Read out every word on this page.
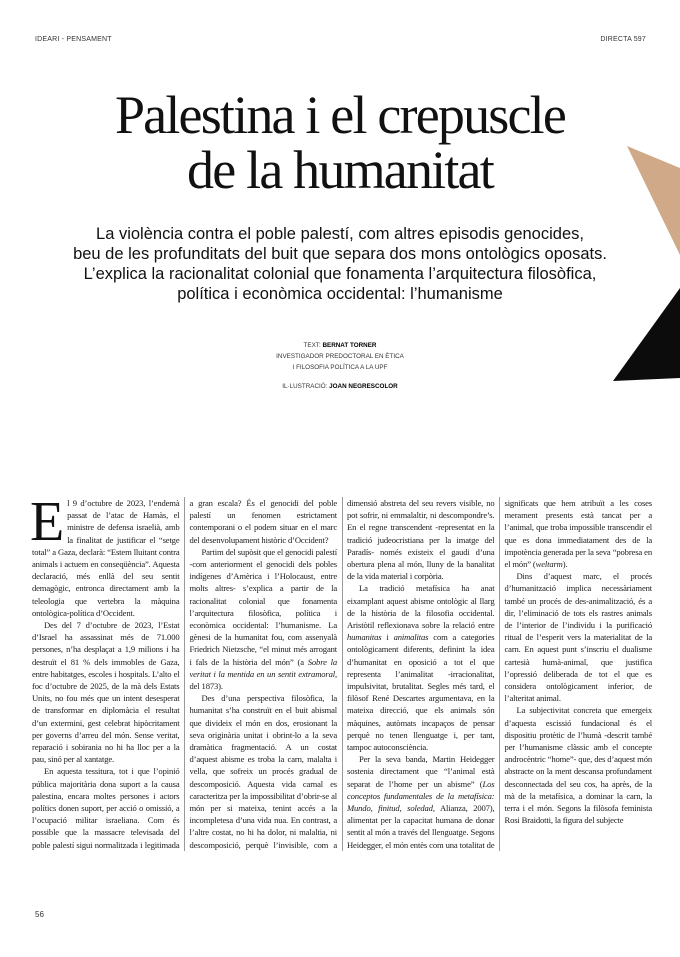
IDEARI - PENSAMENT	DIRECTA 597
Palestina i el crepuscle
de la humanitat
La violència contra el poble palestí, com altres episodis genocides,
beu de les profunditats del buit que separa dos mons ontològics oposats.
L’explica la racionalitat colonial que fonamenta l’arquitectura filosòfica,
política i econòmica occidental: l’humanisme
TEXT: BERNAT TORNER
INVESTIGADOR PREDOCTORAL EN ÈTICA
I FILOSOFIA POLÍTICA A LA UPF
IL·LUSTRACIÓ: JOAN NEGRESCOLOR

El 9 d’octubre de 2023, l’endemà passat de l’atac de Hamàs, el ministre de defensa israelià, amb la finalitat de justificar el “setge total” a Gaza, declarà: “Estem lluitant contra animals i actuem en conseqüència”. Aquesta declaració, més enllà del seu sentit demagògic, entronca directament amb la teleologia que vertebra la màquina ontològica-política d’Occident.

Des del 7 d’octubre de 2023, l’Estat d’Israel ha assassinat més de 71.000 persones, n’ha desplaçat a 1,9 milions i ha destruït el 81 % dels immobles de Gaza, entre habitatges, escoles i hospitals. L’alto el foc d’octubre de 2025, de la mà dels Estats Units, no fou més que un intent desesperat de transformar en diplomàcia el resultat d’un extermini, gest celebrat hipòcritament per governs d’arreu del món. Sense veritat, reparació i sobirania no hi ha lloc per a la pau, sinó per al xantatge.

En aquesta tessitura, tot i que l’opinió pública majoritària dona suport a la causa palestina, encara moltes persones i actors polítics donen suport, per acció o omissió, a l’ocupació militar israeliana. Com és possible que la massacre televisada del poble palestí sigui normalitzada i legitimada a gran escala? És el genocidi del poble palestí un fenomen estrictament contemporani o el podem situar en el marc del desenvolupament històric d’Occident?

Partim del supòsit que el genocidi palestí -com anteriorment el genocidi dels pobles indígenes d’Amèrica i l’Holocaust, entre molts altres- s’explica a partir de la racionalitat colonial que fonamenta l’arquitectura filosòfica, política i econòmica occidental: l’humanisme. La gènesi de la humanitat fou, com assenyalà Friedrich Nietzsche, “el minut més arrogant i fals de la història del món” (a Sobre la veritat i la mentida en un sentit extramoral, del 1873).

Des d’una perspectiva filosòfica, la humanitat s’ha construït en el buit abismal que divideix el món en dos, erosionant la seva originària unitat i obrint-lo a la seva dramàtica fragmentació. A un costat d’aquest abisme es troba la carn, malalta i vella, que sofreix un procés gradual de descomposició. Aquesta vida carnal es caracteritza per la impossibilitat d’obrir-se al món per si mateixa, tenint accés a la incompletesa d’una vida nua. En contrast, a l’altre costat, no hi ha dolor, ni malaltia, ni descomposició, perquè l’invisible, com a dimensió abstreta del seu revers visible, no pot sofrir, ni emmalaltir, ni descompondre’s. En el regne transcendent -representat en la tradició judeocristiana per la imatge del Paradís- només existeix el gaudi d’una obertura plena al món, lluny de la banalitat de la vida material i corpòria.

La tradició metafísica ha anat eixamplant aquest abisme ontològic al llarg de la història de la filosofia occidental. Aristòtil reflexionava sobre la relació entre humanitas i animalitas com a categories ontològicament diferents, definint la idea d’humanitat en oposició a tot el que representa l’animalitat -irracionalitat, impulsivitat, brutalitat. Segles més tard, el filòsof René Descartes argumentava, en la mateixa direcció, que els animals són màquines, autòmats incapaços de pensar perquè no tenen llenguatge i, per tant, tampoc autoconsciència.

Per la seva banda, Martin Heidegger sostenia directament que “l’animal està separat de l’home per un abisme” (Los conceptos fundamentales de la metafísica: Mundo, finitud, soledad, Alianza, 2007), alimentat per la capacitat humana de donar sentit al món a través del llenguatge. Segons Heidegger, el món entès com una totalitat de significats que hem atribuït a les coses merament presents està tancat per a l’animal, que troba impossible transcendir el que es dona immediatament des de la impotència generada per la seva “pobresa en el món” (weltarm).

Dins d’aquest marc, el procés d’humanització implica necessàriament també un procés de des-animalització, és a dir, l’eliminació de tots els rastres animals de l’interior de l’individu i la purificació ritual de l’esperit vers la materialitat de la carn. En aquest punt s’inscriu el dualisme cartesià humà-animal, que justifica l’opressió deliberada de tot el que es considera ontològicament inferior, de l’alteritat animal.

La subjectivitat concreta que emergeix d’aquesta escissió fundacional és el dispositiu protètic de l’humà -descrit també per l’humanisme clàssic amb el concepte androcèntric “home”- que, des d’aquest món abstracte on la ment descansa profundament desconnectada del seu cos, ha après, de la mà de la metafísica, a dominar la carn, la terra i el món. Segons la filòsofa feminista Rosi Braidotti, la figura del subjecte

56
